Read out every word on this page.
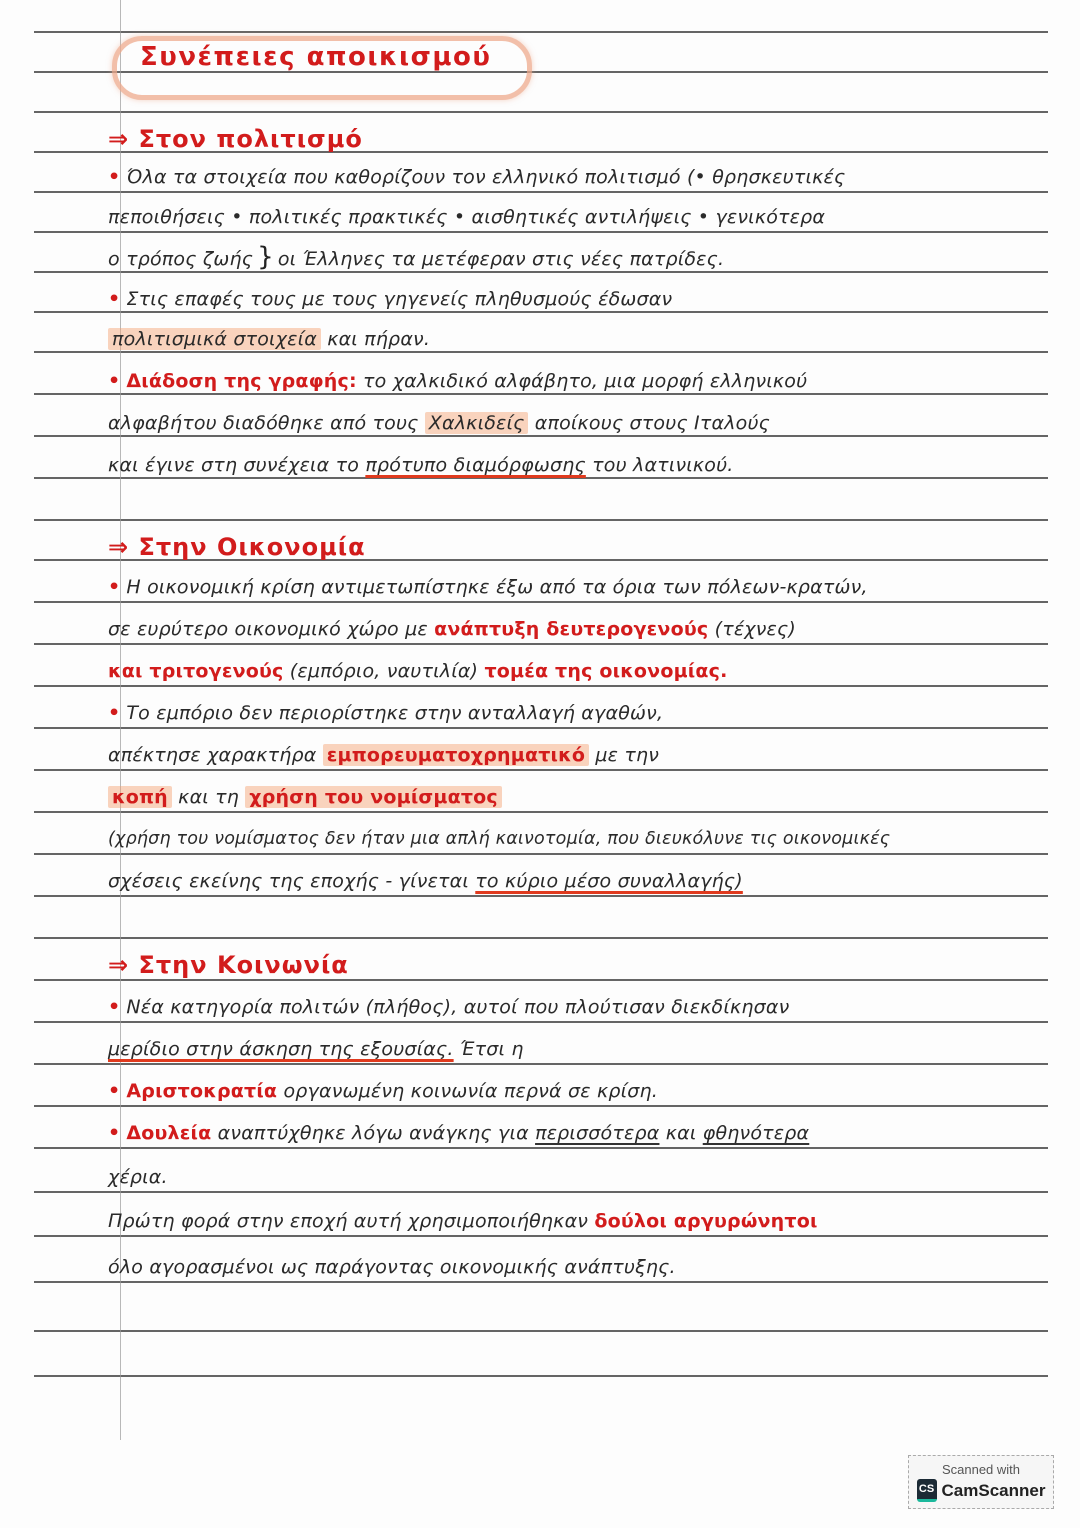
Συνέπειες αποικισμού
⇒ Στον πολιτισμό
• Όλα τα στοιχεία που καθορίζουν τον ελληνικό πολιτισμό (• θρησκευτικές
πεποιθήσεις • πολιτικές πρακτικές • αισθητικές αντιλήψεις • γενικότερα
ο τρόπος ζωής } οι Έλληνες τα μετέφεραν στις νέες πατρίδες.
• Στις επαφές τους με τους γηγενείς πληθυσμούς έδωσαν
πολιτισμικά στοιχεία και πήραν.
• Διάδοση της γραφής: το χαλκιδικό αλφάβητο, μια μορφή ελληνικού
αλφαβήτου διαδόθηκε από τους Χαλκιδείς αποίκους στους Ιταλούς
και έγινε στη συνέχεια το πρότυπο διαμόρφωσης του λατινικού.
⇒ Στην Οικονομία
• Η οικονομική κρίση αντιμετωπίστηκε έξω από τα όρια των πόλεων-κρατών,
σε ευρύτερο οικονομικό χώρο με ανάπτυξη δευτερογενούς (τέχνες)
και τριτογενούς (εμπόριο, ναυτιλία) τομέα της οικονομίας.
• Το εμπόριο δεν περιορίστηκε στην ανταλλαγή αγαθών,
απέκτησε χαρακτήρα εμπορευματοχρηματικό με την
κοπή και τη χρήση του νομίσματος
(χρήση του νομίσματος δεν ήταν μια απλή καινοτομία, που διευκόλυνε τις οικονομικές
σχέσεις εκείνης της εποχής - γίνεται το κύριο μέσο συναλλαγής)
⇒ Στην Κοινωνία
• Νέα κατηγορία πολιτών (πλήθος), αυτοί που πλούτισαν διεκδίκησαν
μερίδιο στην άσκηση της εξουσίας. Έτσι η
• Αριστοκρατία οργανωμένη κοινωνία περνά σε κρίση.
• Δουλεία αναπτύχθηκε λόγω ανάγκης για περισσότερα και φθηνότερα
χέρια.
Πρώτη φορά στην εποχή αυτή χρησιμοποιήθηκαν δούλοι αργυρώνητοι
όλο αγορασμένοι ως παράγοντας οικονομικής ανάπτυξης.
Scanned with
CS CamScanner
